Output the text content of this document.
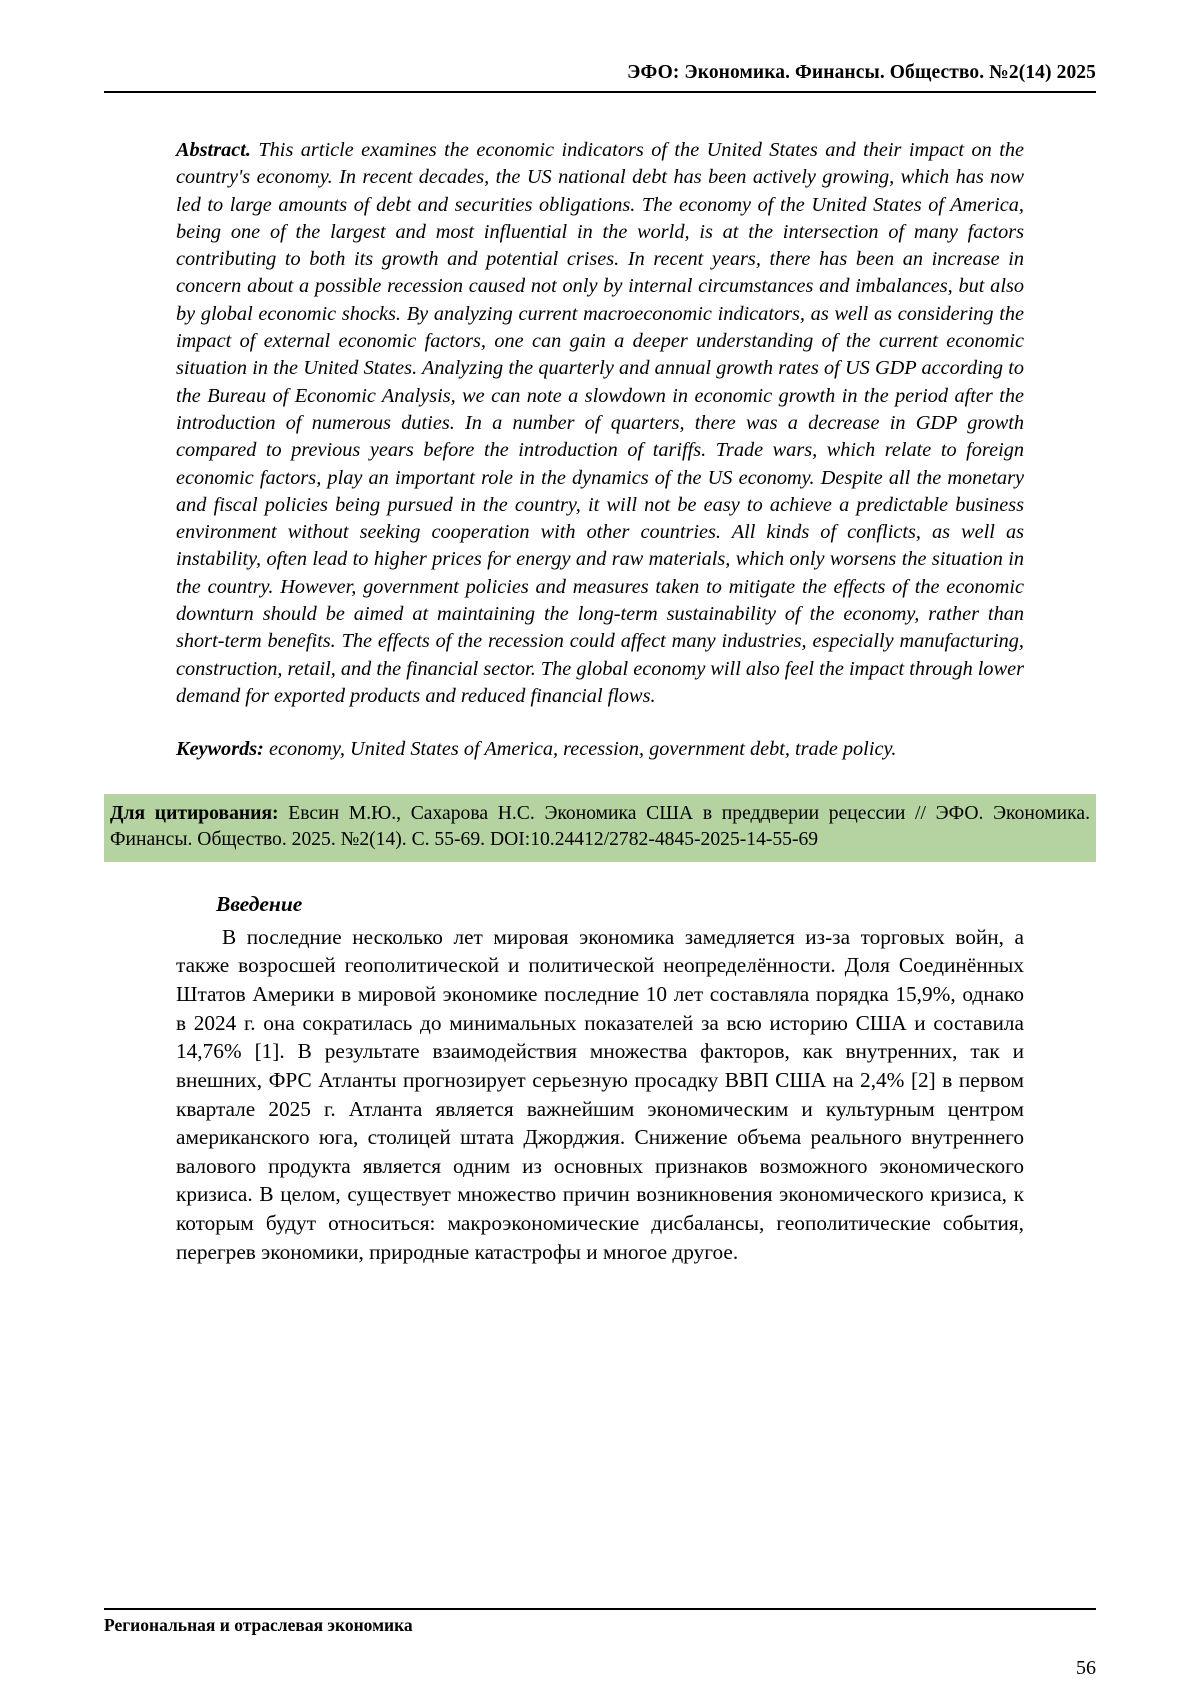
ЭФО: Экономика. Финансы. Общество. №2(14) 2025
Abstract. This article examines the economic indicators of the United States and their impact on the country's economy. In recent decades, the US national debt has been actively growing, which has now led to large amounts of debt and securities obligations. The economy of the United States of America, being one of the largest and most influential in the world, is at the intersection of many factors contributing to both its growth and potential crises. In recent years, there has been an increase in concern about a possible recession caused not only by internal circumstances and imbalances, but also by global economic shocks. By analyzing current macroeconomic indicators, as well as considering the impact of external economic factors, one can gain a deeper understanding of the current economic situation in the United States. Analyzing the quarterly and annual growth rates of US GDP according to the Bureau of Economic Analysis, we can note a slowdown in economic growth in the period after the introduction of numerous duties. In a number of quarters, there was a decrease in GDP growth compared to previous years before the introduction of tariffs. Trade wars, which relate to foreign economic factors, play an important role in the dynamics of the US economy. Despite all the monetary and fiscal policies being pursued in the country, it will not be easy to achieve a predictable business environment without seeking cooperation with other countries. All kinds of conflicts, as well as instability, often lead to higher prices for energy and raw materials, which only worsens the situation in the country. However, government policies and measures taken to mitigate the effects of the economic downturn should be aimed at maintaining the long-term sustainability of the economy, rather than short-term benefits. The effects of the recession could affect many industries, especially manufacturing, construction, retail, and the financial sector. The global economy will also feel the impact through lower demand for exported products and reduced financial flows.
Keywords: economy, United States of America, recession, government debt, trade policy.
Для цитирования: Евсин М.Ю., Сахарова Н.С. Экономика США в преддверии рецессии // ЭФО. Экономика. Финансы. Общество. 2025. №2(14). С. 55-69. DOI:10.24412/2782-4845-2025-14-55-69
Введение
В последние несколько лет мировая экономика замедляется из-за торговых войн, а также возросшей геополитической и политической неопределённости. Доля Соединённых Штатов Америки в мировой экономике последние 10 лет составляла порядка 15,9%, однако в 2024 г. она сократилась до минимальных показателей за всю историю США и составила 14,76% [1]. В результате взаимодействия множества факторов, как внутренних, так и внешних, ФРС Атланты прогнозирует серьезную просадку ВВП США на 2,4% [2] в первом квартале 2025 г. Атланта является важнейшим экономическим и культурным центром американского юга, столицей штата Джорджия. Снижение объема реального внутреннего валового продукта является одним из основных признаков возможного экономического кризиса. В целом, существует множество причин возникновения экономического кризиса, к которым будут относиться: макроэкономические дисбалансы, геополитические события, перегрев экономики, природные катастрофы и многое другое.
Региональная и отраслевая экономика
56
